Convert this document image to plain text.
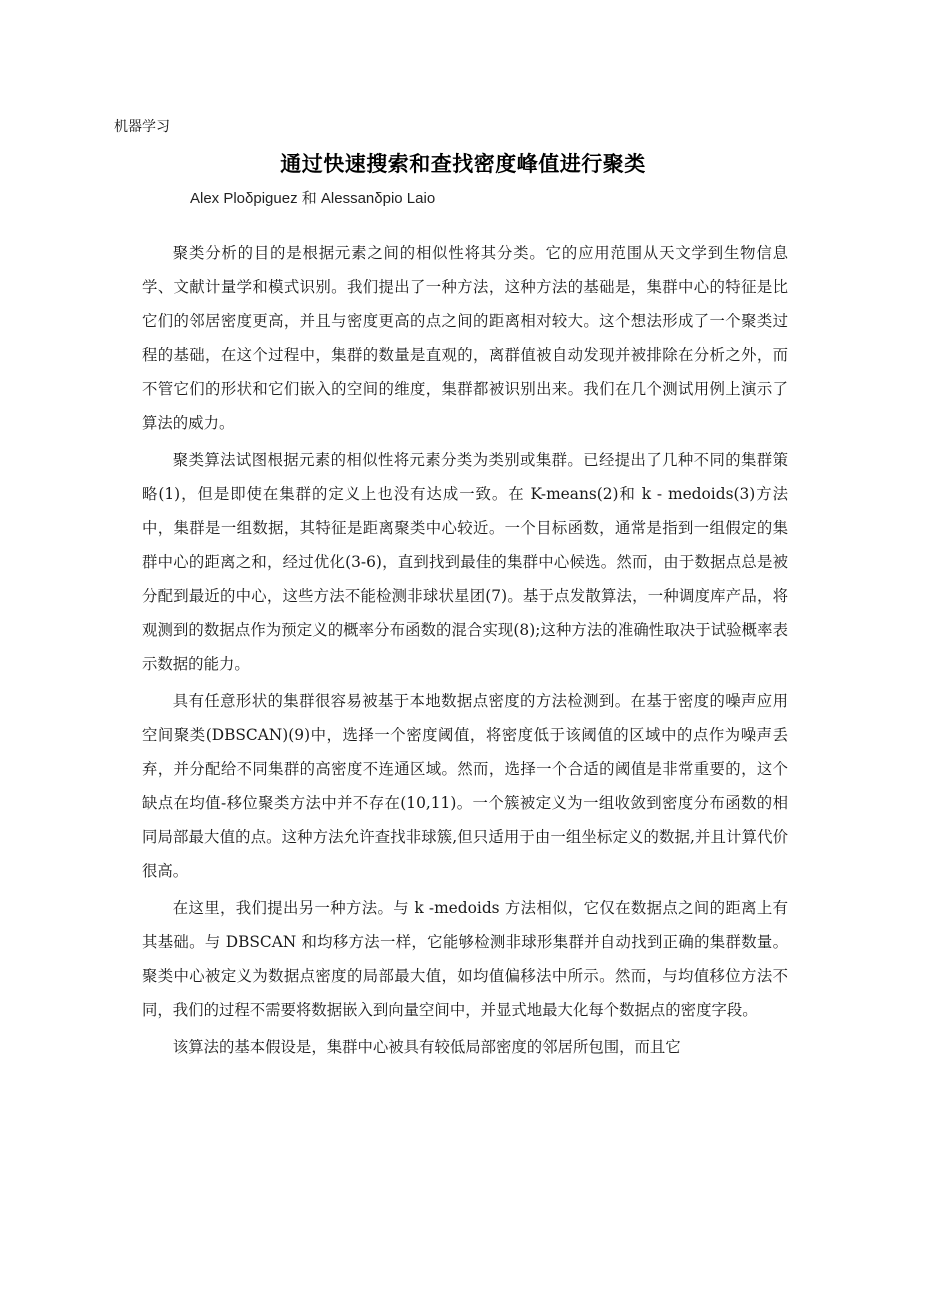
机器学习
通过快速搜索和查找密度峰值进行聚类
Alex Ploδpiguez 和 Alessanδpio Laio

聚类分析的目的是根据元素之间的相似性将其分类。它的应用范围从天文学到生物信息学、文献计量学和模式识别。我们提出了一种方法，这种方法的基础是，集群中心的特征是比它们的邻居密度更高，并且与密度更高的点之间的距离相对较大。这个想法形成了一个聚类过程的基础，在这个过程中，集群的数量是直观的，离群值被自动发现并被排除在分析之外，而不管它们的形状和它们嵌入的空间的维度，集群都被识别出来。我们在几个测试用例上演示了算法的威力。

聚类算法试图根据元素的相似性将元素分类为类别或集群。已经提出了几种不同的集群策略(1)，但是即使在集群的定义上也没有达成一致。在 K-means(2)和 k - medoids(3)方法中，集群是一组数据，其特征是距离聚类中心较近。一个目标函数，通常是指到一组假定的集群中心的距离之和，经过优化(3-6)，直到找到最佳的集群中心候选。然而，由于数据点总是被分配到最近的中心，这些方法不能检测非球状星团(7)。基于点发散算法，一种调度库产品，将观测到的数据点作为预定义的概率分布函数的混合实现(8);这种方法的准确性取决于试验概率表示数据的能力。

具有任意形状的集群很容易被基于本地数据点密度的方法检测到。在基于密度的噪声应用空间聚类(DBSCAN)(9)中，选择一个密度阈值，将密度低于该阈值的区域中的点作为噪声丢弃，并分配给不同集群的高密度不连通区域。然而，选择一个合适的阈值是非常重要的，这个缺点在均值-移位聚类方法中并不存在(10,11)。一个簇被定义为一组收敛到密度分布函数的相同局部最大值的点。这种方法允许查找非球簇,但只适用于由一组坐标定义的数据,并且计算代价很高。

在这里，我们提出另一种方法。与 k -medoids 方法相似，它仅在数据点之间的距离上有其基础。与 DBSCAN 和均移方法一样，它能够检测非球形集群并自动找到正确的集群数量。聚类中心被定义为数据点密度的局部最大值，如均值偏移法中所示。然而，与均值移位方法不同，我们的过程不需要将数据嵌入到向量空间中，并显式地最大化每个数据点的密度字段。

该算法的基本假设是，集群中心被具有较低局部密度的邻居所包围，而且它
